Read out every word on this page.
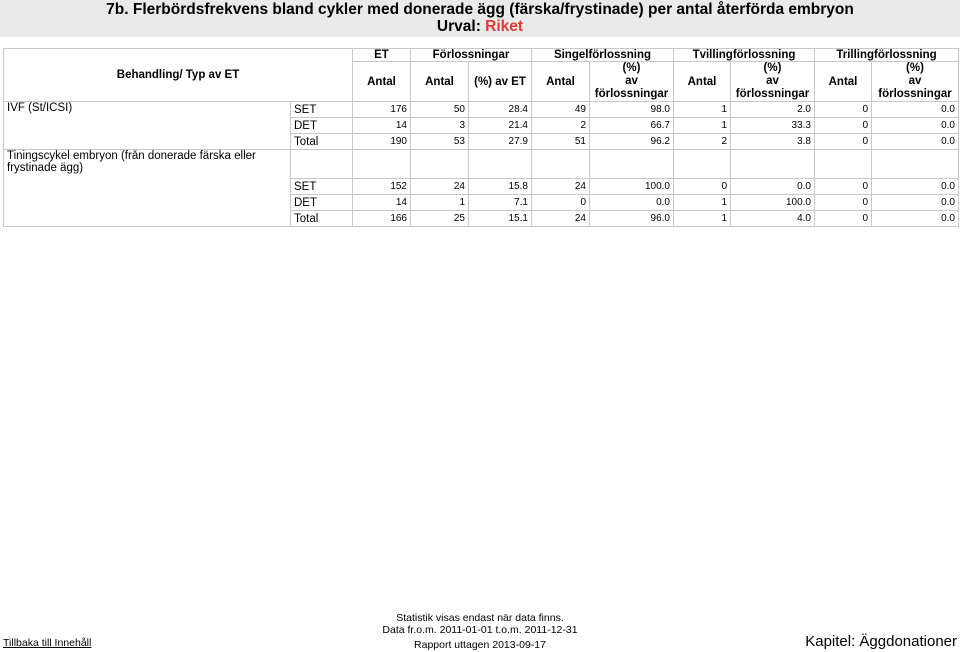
7b. Flerbördsfrekvens bland cykler med donerade ägg (färska/frystinade) per antal återförda embryon
Urval: Riket
Behandling/ Typ av ET		ET	Förlossningar		Singelförlossning		Tvillingförlossning		Trillingförlossning	
		Antal	Antal	(%) av ET	Antal	(%)
av
förlossningar	Antal	(%)
av
förlossningar	Antal	(%)
av
förlossningar
IVF (St/ICSI)	SET	176	50	28.4	49	98.0	1	2.0	0	0.0
	DET	14	3	21.4	2	66.7	1	33.3	0	0.0
	Total	190	53	27.9	51	96.2	2	3.8	0	0.0
Tiningscykel embryon (från donerade färska eller frystinade ägg)										
	SET	152	24	15.8	24	100.0	0	0.0	0	0.0
	DET	14	1	7.1	0	0.0	1	100.0	0	0.0
	Total	166	25	15.1	24	96.0	1	4.0	0	0.0
Statistik visas endast när data finns.
Data fr.o.m. 2011-01-01 t.o.m. 2011-12-31
Rapport uttagen 2013-09-17
Tillbaka till Innehåll	Kapitel: Äggdonationer
